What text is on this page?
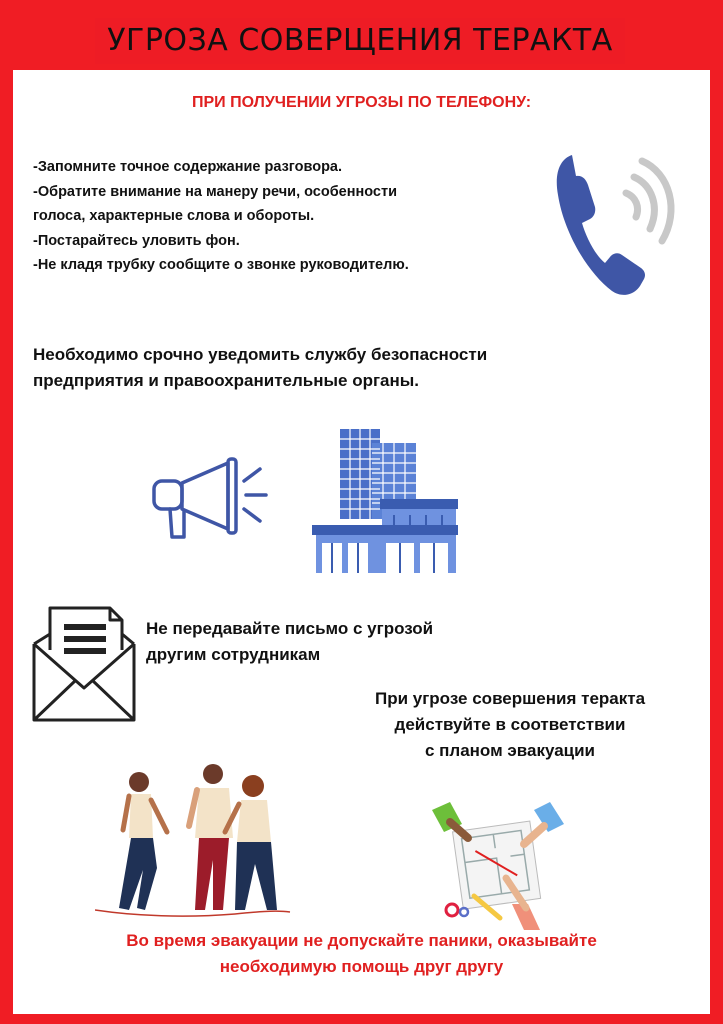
УГРОЗА СОВЕРЩЕНИЯ ТЕРАКТА
ПРИ ПОЛУЧЕНИИ УГРОЗЫ ПО ТЕЛЕФОНУ:
-Запомните точное содержание разговора.
-Обратите внимание на манеру речи, особенности
голоса, характерные слова и обороты.
-Постарайтесь уловить фон.
-Не кладя трубку сообщите о звонке руководителю.
Необходимо срочно уведомить службу безопасности
предприятия и правоохранительные органы.
Не передавайте письмо с угрозой
другим сотрудникам
При угрозе совершения теракта
действуйте в соответствии
с планом эвакуации
Во время эвакуации не допускайте паники, оказывайте
необходимую помощь друг другу
